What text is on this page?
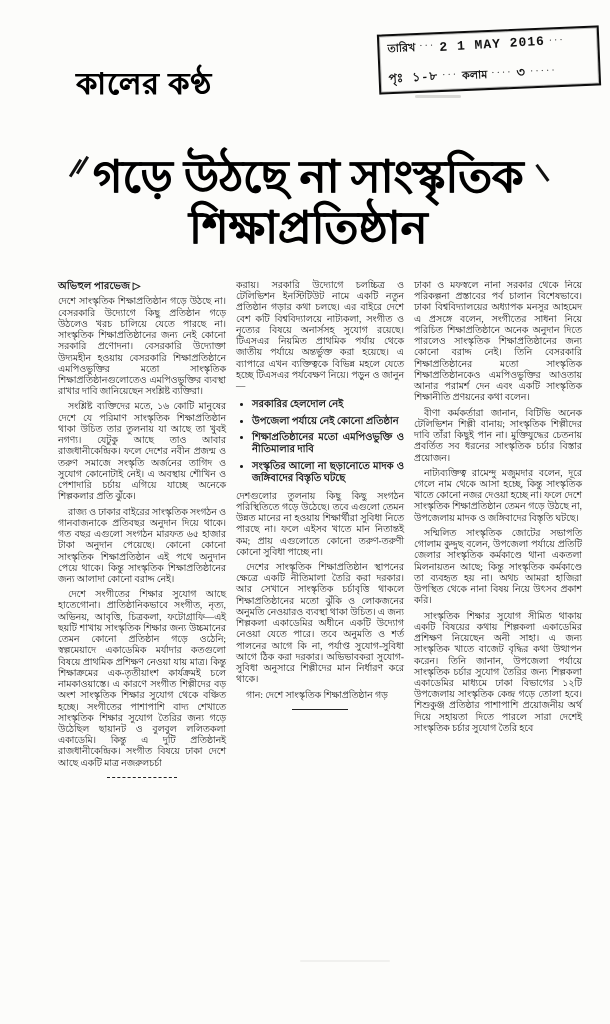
তারিখ ··· 2 1 MAY 2016 ···
পৃঃ ১-৮ ··· কলাম ···· ৩ ·····
কালের কণ্ঠ
গড়ে উঠছে না সাংস্কৃতিক
শিক্ষাপ্রতিষ্ঠান
অভিহুল পারভেজ ▷

দেশে সাংস্কৃতিক শিক্ষাপ্রতিষ্ঠান গড়ে উঠছে না। বেসরকারি উদ্যোগে কিছু প্রতিষ্ঠান গড়ে উঠলেও খরচ চালিয়ে যেতে পারছে না। সাংস্কৃতিক শিক্ষাপ্রতিষ্ঠানের জন্য নেই কোনো সরকারি প্রণোদনা। বেসরকারি উদ্যোক্তা উদ্যমহীন হওয়ায় বেসরকারি শিক্ষাপ্রতিষ্ঠানে এমপিওভুক্তির মতো সাংস্কৃতিক শিক্ষাপ্রতিষ্ঠানগুলোতেও এমপিওভুক্তির ব্যবস্থা রাখার দাবি জানিয়েছেন সংশ্লিষ্ট ব্যক্তিরা।

সংশ্লিষ্ট ব্যক্তিদের মতে, ১৬ কোটি মানুষের দেশে যে পরিমাণ সাংস্কৃতিক শিক্ষাপ্রতিষ্ঠান থাকা উচিত তার তুলনায় যা আছে তা খুবই নগণ্য। যেটুকু আছে তাও আবার রাজধানীকেন্দ্রিক। ফলে দেশের নবীন প্রজন্ম ও তরুণ সমাজে সংস্কৃতি অর্জনের তাগিদ ও সুযোগ কোনোটাই নেই। এ অবস্থায় শৌখিন ও পেশাদারি চর্চায় এগিয়ে যাচ্ছে অনেকে শিল্পকলার প্রতি ঝুঁকে।

রাজ্য ও ঢাকার বাইরের সাংস্কৃতিক সংগঠন ও গানবাজনাকে প্রতিবছর অনুদান দিয়ে থাকে। গত বছর এগুলো সংগঠন মারফত ৬৫ হাজার টাকা অনুদান পেয়েছে। কোনো কোনো সাংস্কৃতিক শিক্ষাপ্রতিষ্ঠান এই পথে অনুদান পেয়ে থাকে। কিন্তু সাংস্কৃতিক শিক্ষাপ্রতিষ্ঠানের জন্য আলাদা কোনো বরাদ্দ নেই।

দেশে সংগীতের শিক্ষার সুযোগ আছে হাতেগোনা। প্রাতিষ্ঠানিকভাবে সংগীত, নৃত্য, অভিনয়, আবৃত্তি, চিত্রকলা, ফটোগ্রাফি—এই ছয়টি শাখায় সাংস্কৃতিক শিক্ষার জন্য উচ্চমানের তেমন কোনো প্রতিষ্ঠান গড়ে ওঠেনি; স্বল্পমেয়াদে একাডেমিক মর্যাদার কতগুলো বিষয়ে প্রাথমিক প্রশিক্ষণ নেওয়া যায় মাত্র। কিন্তু শিক্ষাক্রমের এক-তৃতীয়াংশ কার্যক্রমই চলে নামকাওয়াস্তে। এ কারণে সংগীত শিল্পীদের বড় অংশ সাংস্কৃতিক শিক্ষার সুযোগ থেকে বঞ্চিত হচ্ছে। সংগীতের পাশাপাশি বাদ্য শেখাতে সাংস্কৃতিক শিক্ষার সুযোগ তৈরির জন্য গড়ে উঠেছিল ছায়ানট ও বুলবুল ললিতকলা একাডেমি। কিন্তু এ দুটি প্রতিষ্ঠানই রাজধানীকেন্দ্রিক। সংগীত বিষয়ে ঢাকা দেশে আছে একটি মাত্র নজরুলচর্চা

করায়। সরকারি উদ্যোগে চলচ্চিত্র ও টেলিভিশন ইনস্টিটিউট নামে একটি নতুন প্রতিষ্ঠান গড়ার কথা চলছে। এর বাইরে দেশে বেশ কটি বিশ্ববিদ্যালয়ে নাট্যকলা, সংগীত ও নৃত্যের বিষয়ে অনার্সসহ সুযোগ রয়েছে। টিএসএর নিয়মিত প্রাথমিক পর্যায় থেকে জাতীয় পর্যায়ে অন্তর্ভুক্ত করা হয়েছে। এ ব্যাপারে এখন ব্যক্তিত্বকে বিভিন্ন মহলে যেতে হচ্ছে টিএসএর পর্যবেক্ষণ নিয়ে। পড়ুন ও জানুন—

• সরকারির হেলদোল নেই
• উপজেলা পর্যায়ে নেই কোনো প্রতিষ্ঠান
• শিক্ষাপ্রতিষ্ঠানের মতো এমপিওভুক্তি ও নীতিমালার দাবি
• সংস্কৃতির আলো না ছড়ানোতে মাদক ও জঙ্গিবাদের বিস্তৃতি ঘটছে

দেশগুলোর তুলনায় কিছু কিছু সংগঠন পরিস্থিতিতে গড়ে উঠেছে। তবে এগুলো তেমন উন্নত মানের না হওয়ায় শিক্ষার্থীরা সুবিধা নিতে পারছে না। ফলে এইসব খাতে মান নিতান্তই কম; প্রায় এগুলোতে কোনো তরুণ-তরুণী কোনো সুবিধা পাচ্ছে না।

দেশের সাংস্কৃতিক শিক্ষাপ্রতিষ্ঠান স্থাপনের ক্ষেত্রে একটি নীতিমালা তৈরি করা দরকার। আর সেখানে সাংস্কৃতিক চর্চাবৃত্তি থাকলে শিক্ষাপ্রতিষ্ঠানের মতো ঝুঁকি ও লোকজনের অনুমতি নেওয়ারও ব্যবস্থা থাকা উচিত। এ জন্য শিল্পকলা একাডেমির অধীনে একটি উদ্যোগ নেওয়া যেতে পারে। তবে অনুমতি ও শর্ত পালনের আগে কি না, পর্যাপ্ত সুযোগ-সুবিধা আগে ঠিক করা দরকার। অভিভাবকরা সুযোগ-সুবিধা অনুসারে শিল্পীদের মান নির্ধারণ করে থাকে।

গান: দেশে সাংস্কৃতিক শিক্ষাপ্রতিষ্ঠান গড়

ঢাকা ও মফস্বলে নানা সরকার থেকে নিয়ে পরিকল্পনা প্রস্তাবের পর্ব চালান বিশেষভাবে। ঢাকা বিশ্ববিদ্যালয়ের অধ্যাপক মনসুর আহমেদ এ প্রসঙ্গে বলেন, সংগীতের সাধনা নিয়ে পরিচিত শিক্ষাপ্রতিষ্ঠানে অনেক অনুদান দিতে পারলেও সাংস্কৃতিক শিক্ষাপ্রতিষ্ঠানের জন্য কোনো বরাদ্দ নেই। তিনি বেসরকারি শিক্ষাপ্রতিষ্ঠানের মতো সাংস্কৃতিক শিক্ষাপ্রতিষ্ঠানকেও এমপিওভুক্তির আওতায় আনার পরামর্শ দেন এবং একটি সাংস্কৃতিক শিক্ষানীতি প্রণয়নের কথা বলেন।

বীণা কর্মকর্তারা জানান, বিটিভি অনেক টেলিভিশন শিল্পী বানায়; সাংস্কৃতিক শিল্পীদের দাবি তাঁরা কিছুই পান না। মুক্তিযুদ্ধের চেতনায় প্রবর্তিত সব ধরনের সাংস্কৃতিক চর্চার বিস্তার প্রয়োজন।

নাট্যব্যক্তিত্ব রামেন্দু মজুমদার বলেন, দূরে গেলে নাম থেকে আসা হচ্ছে, কিন্তু সাংস্কৃতিক খাতে কোনো নজর দেওয়া হচ্ছে না। ফলে দেশে সাংস্কৃতিক শিক্ষাপ্রতিষ্ঠান তেমন গড়ে উঠছে না, উপজেলায় মাদক ও জঙ্গিবাদের বিস্তৃতি ঘটছে।

সম্মিলিত সাংস্কৃতিক জোটের সভাপতি গোলাম কুদ্দুছ বলেন, উপজেলা পর্যায়ে প্রতিটি জেলার সাংস্কৃতিক কর্মকাণ্ডে থানা একতলা মিলনায়তন আছে; কিন্তু সাংস্কৃতিক কর্মকাণ্ডে তা ব্যবহৃত হয় না। অথচ আমরা হাজিরা উপস্থিত থেকে নানা বিষয় নিয়ে উৎসব প্রকাশ করি।

সাংস্কৃতিক শিক্ষার সুযোগ সীমিত থাকায় একটি বিষয়ের কথায় শিল্পকলা একাডেমির প্রশিক্ষণ নিয়েছেন অনী সাহা। এ জন্য সাংস্কৃতিক খাতে বাজেট বৃদ্ধির কথা উত্থাপন করেন। তিনি জানান, উপজেলা পর্যায়ে সাংস্কৃতিক চর্চার সুযোগ তৈরির জন্য শিল্পকলা একাডেমির মাধ্যমে ঢাকা বিভাগের ১২টি উপজেলায় সাংস্কৃতিক কেন্দ্র গড়ে তোলা হবে। শিশুকুঞ্জ প্রতিষ্ঠার পাশাপাশি প্রয়োজনীয় অর্থ দিয়ে সহায়তা দিতে পারলে সারা দেশেই সাংস্কৃতিক চর্চার সুযোগ তৈরি হবে
